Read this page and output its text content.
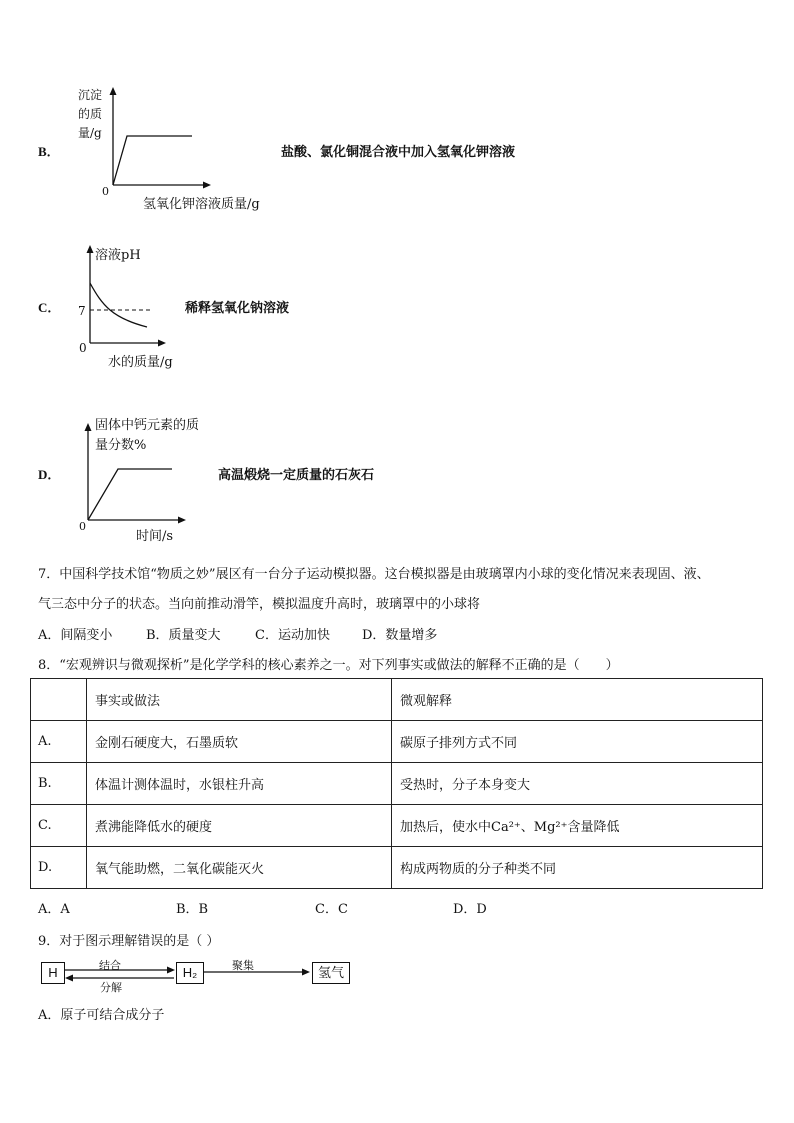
B．
沉淀
的质
量/g
0
氢氧化钾溶液质量/g
盐酸、氯化铜混合液中加入氢氧化钾溶液
C．
溶液pH
7
0
水的质量/g
稀释氢氧化钠溶液
D．
固体中钙元素的质
量分数%
0
时间/s
高温煅烧一定质量的石灰石
7．中国科学技术馆“物质之妙”展区有一台分子运动模拟器。这台模拟器是由玻璃罩内小球的变化情况来表现固、液、
气三态中分子的状态。当向前推动滑竿，模拟温度升高时，玻璃罩中的小球将
A．间隔变小	B．质量变大	C．运动加快 D．数量增多
8．“宏观辨识与微观探析”是化学学科的核心素养之一。对下列事实或做法的解释不正确的是（　　）
	事实或做法	微观解释
A.	金刚石硬度大，石墨质软	碳原子排列方式不同
B.	体温计测体温时，水银柱升高	受热时，分子本身变大
C.	煮沸能降低水的硬度	加热后，使水中Ca²⁺、Mg²⁺含量降低
D.	氧气能助燃，二氧化碳能灭火	构成两物质的分子种类不同
A．A	B．B	C．C	D．D
9．对于图示理解错误的是（ ）
H	H₂	氢气
结合
分解
聚集
A．原子可结合成分子
